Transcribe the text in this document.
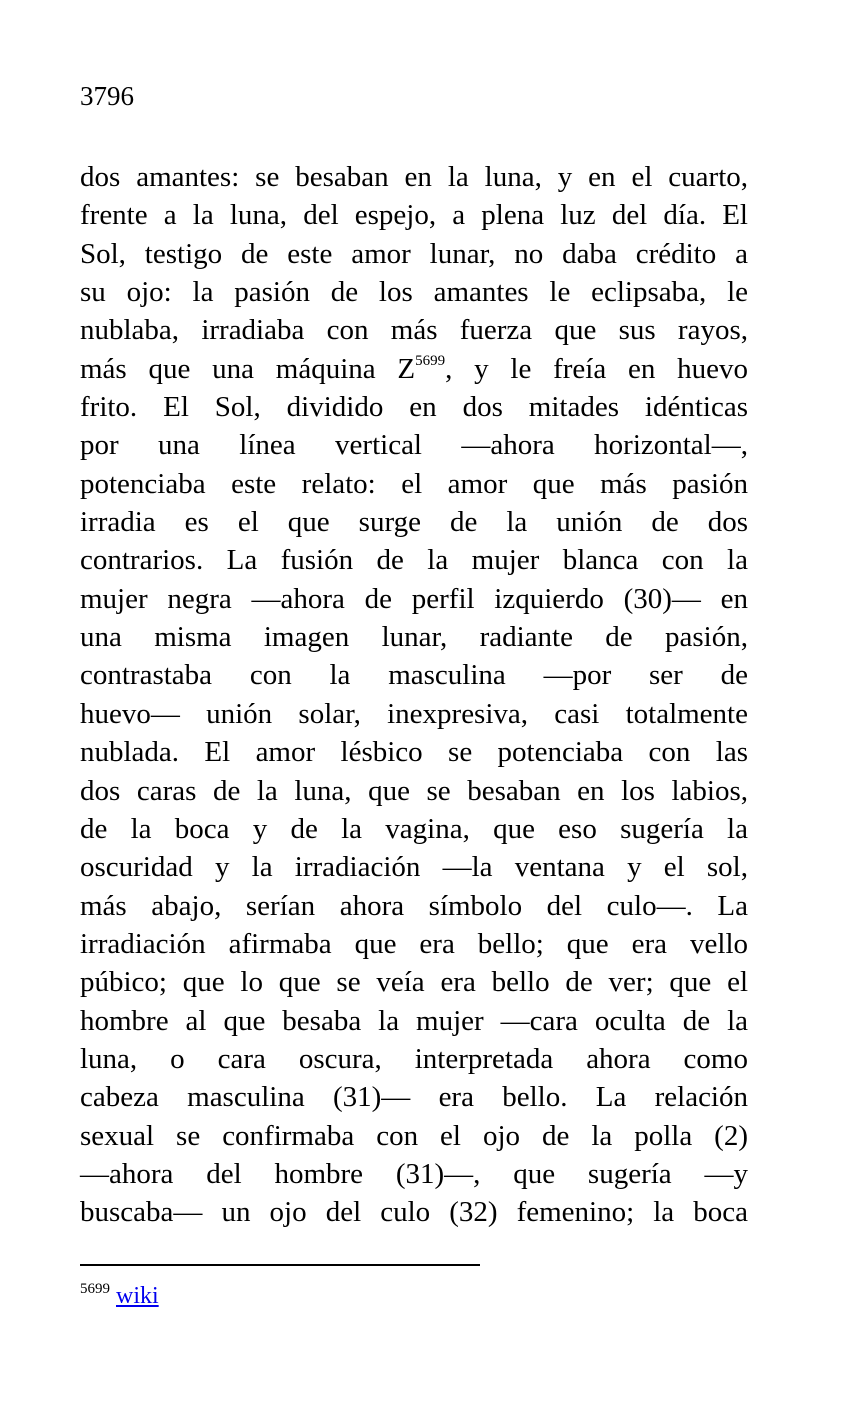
3796
dos amantes: se besaban en la luna, y en el cuarto,
frente a la luna, del espejo, a plena luz del día. El
Sol, testigo de este amor lunar, no daba crédito a
su ojo: la pasión de los amantes le eclipsaba, le
nublaba, irradiaba con más fuerza que sus rayos,
más que una máquina $Z^{5699}$, y le freía en huevo
frito. El Sol, dividido en dos mitades idénticas
por una línea vertical —ahora horizontal—,
potenciaba este relato: el amor que más pasión
irradia es el que surge de la unión de dos
contrarios. La fusión de la mujer blanca con la
mujer negra —ahora de perfil izquierdo (30)— en
una misma imagen lunar, radiante de pasión,
contrastaba con la masculina —por ser de
huevo— unión solar, inexpresiva, casi totalmente
nublada. El amor lésbico se potenciaba con las
dos caras de la luna, que se besaban en los labios,
de la boca y de la vagina, que eso sugería la
oscuridad y la irradiación —la ventana y el sol,
más abajo, serían ahora símbolo del culo—. La
irradiación afirmaba que era bello; que era vello
púbico; que lo que se veía era bello de ver; que el
hombre al que besaba la mujer —cara oculta de la
luna, o cara oscura, interpretada ahora como
cabeza masculina (31)— era bello. La relación
sexual se confirmaba con el ojo de la polla (2)
—ahora del hombre (31)—, que sugería —y
buscaba— un ojo del culo (32) femenino; la boca
$^{5699}$ wiki
